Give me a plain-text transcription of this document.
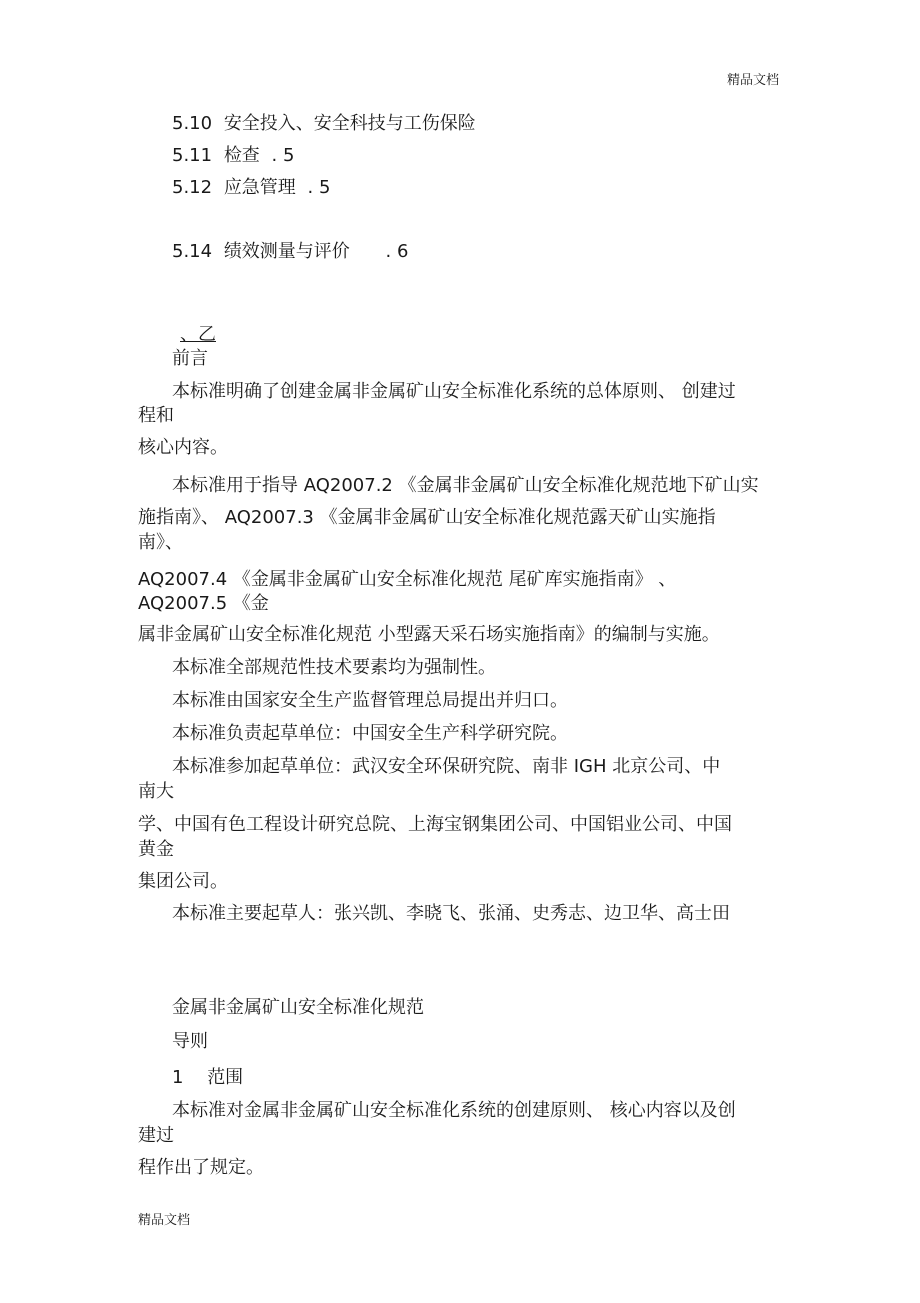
精品文档
5.10 安全投入、安全科技与工伤保险
5.11 检查 . 5
5.12 应急管理 . 5
5.14 绩效测量与评价 . 6
、乙
前言
本标准明确了创建金属非金属矿山安全标准化系统的总体原则、 创建过
程和
核心内容。
本标准用于指导 AQ2007.2 《金属非金属矿山安全标准化规范地下矿山实
施指南》、 AQ2007.3 《金属非金属矿山安全标准化规范露天矿山实施指
南》、
AQ2007.4 《金属非金属矿山安全标准化规范 尾矿库实施指南》 、
AQ2007.5 《金
属非金属矿山安全标准化规范 小型露天采石场实施指南》的编制与实施。
本标准全部规范性技术要素均为强制性。
本标准由国家安全生产监督管理总局提出并归口。
本标准负责起草单位：中国安全生产科学研究院。
本标准参加起草单位：武汉安全环保研究院、南非 IGH 北京公司、中
南大
学、中国有色工程设计研究总院、上海宝钢集团公司、中国铝业公司、中国
黄金
集团公司。
本标准主要起草人：张兴凯、李晓飞、张涌、史秀志、边卫华、高士田
金属非金属矿山安全标准化规范
导则
1 范围
本标准对金属非金属矿山安全标准化系统的创建原则、 核心内容以及创
建过
程作出了规定。
精品文档
